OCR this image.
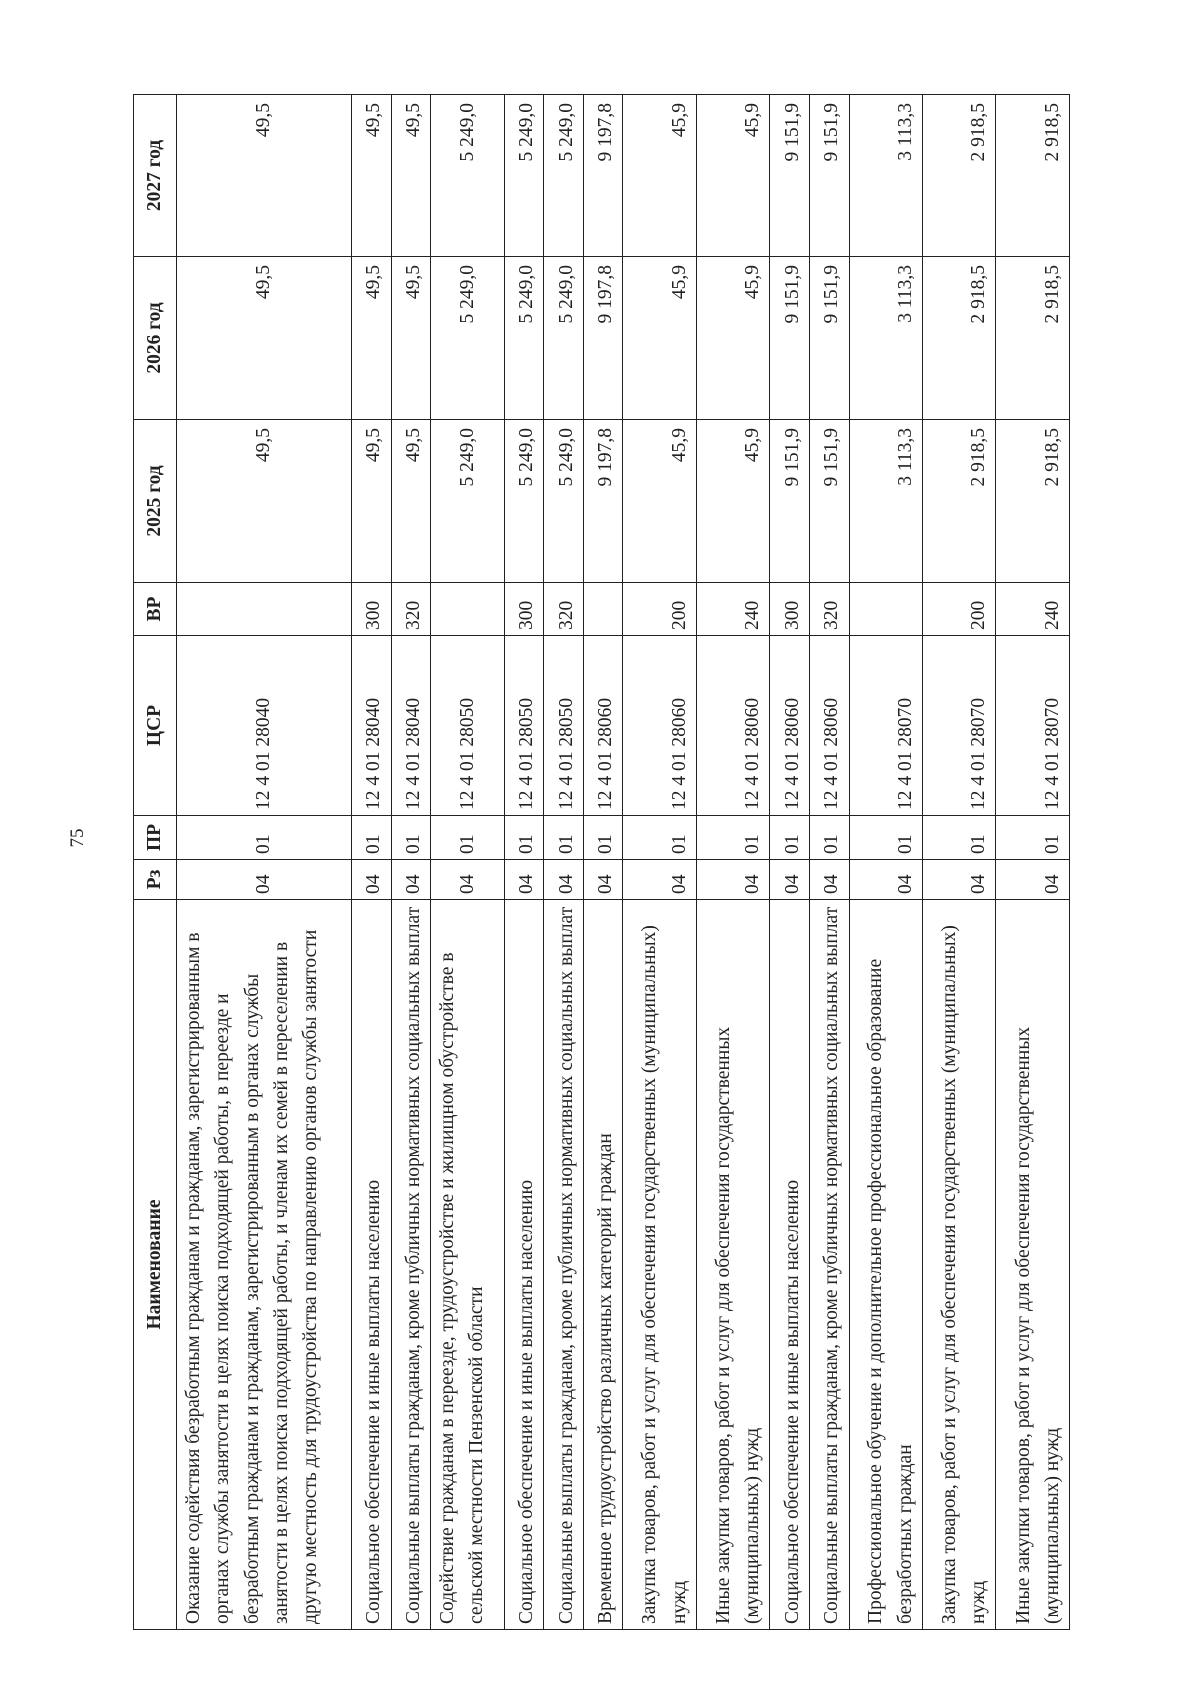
75
Наименование	Рз	ПР	ЦСР	ВР	2025 год	2026 год	2027 год
Оказание содействия безработным гражданам и гражданам, зарегистрированным в органах службы занятости в целях поиска подходящей работы, в переезде и безработным гражданам и гражданам, зарегистрированным в органах службы занятости в целях поиска подходящей работы, и членам их семей в переселении в другую местность для трудоустройства по направлению органов службы занятости	04	01	12 4 01 28040		49,5	49,5	49,5
Социальное обеспечение и иные выплаты населению	04	01	12 4 01 28040	300	49,5	49,5	49,5
Социальные выплаты гражданам, кроме публичных нормативных социальных выплат	04	01	12 4 01 28040	320	49,5	49,5	49,5
Содействие гражданам в переезде, трудоустройстве и жилищном обустройстве в сельской местности Пензенской области	04	01	12 4 01 28050		5 249,0	5 249,0	5 249,0
Социальное обеспечение и иные выплаты населению	04	01	12 4 01 28050	300	5 249,0	5 249,0	5 249,0
Социальные выплаты гражданам, кроме публичных нормативных социальных выплат	04	01	12 4 01 28050	320	5 249,0	5 249,0	5 249,0
Временное трудоустройство различных категорий граждан	04	01	12 4 01 28060		9 197,8	9 197,8	9 197,8
Закупка товаров, работ и услуг для обеспечения государственных (муниципальных) нужд	04	01	12 4 01 28060	200	45,9	45,9	45,9
Иные закупки товаров, работ и услуг для обеспечения государственных (муниципальных) нужд	04	01	12 4 01 28060	240	45,9	45,9	45,9
Социальное обеспечение и иные выплаты населению	04	01	12 4 01 28060	300	9 151,9	9 151,9	9 151,9
Социальные выплаты гражданам, кроме публичных нормативных социальных выплат	04	01	12 4 01 28060	320	9 151,9	9 151,9	9 151,9
Профессиональное обучение и дополнительное профессиональное образование безработных граждан	04	01	12 4 01 28070		3 113,3	3 113,3	3 113,3
Закупка товаров, работ и услуг для обеспечения государственных (муниципальных) нужд	04	01	12 4 01 28070	200	2 918,5	2 918,5	2 918,5
Иные закупки товаров, работ и услуг для обеспечения государственных (муниципальных) нужд	04	01	12 4 01 28070	240	2 918,5	2 918,5	2 918,5
